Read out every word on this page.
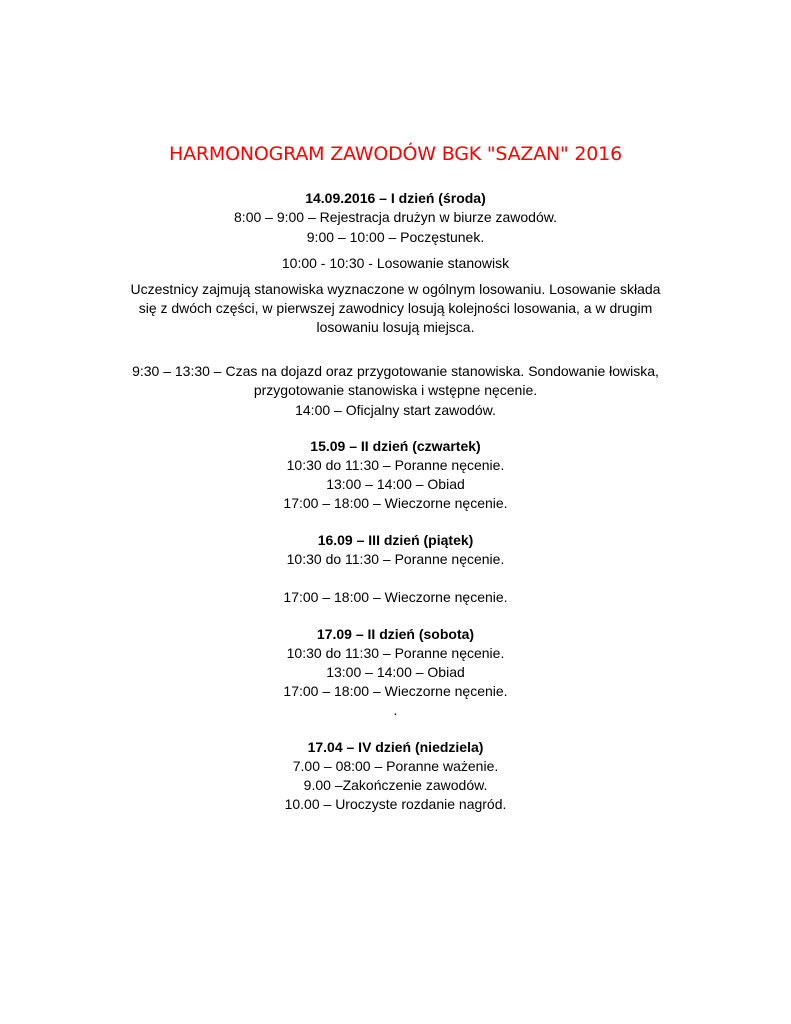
HARMONOGRAM ZAWODÓW BGK "SAZAN" 2016
14.09.2016 – I dzień (środa)
8:00 – 9:00 – Rejestracja drużyn w biurze zawodów.
9:00 – 10:00 – Poczęstunek.
10:00 - 10:30 - Losowanie stanowisk
Uczestnicy zajmują stanowiska wyznaczone w ogólnym losowaniu. Losowanie składa
się z dwóch części, w pierwszej zawodnicy losują kolejności losowania, a w drugim
losowaniu losują miejsca.
9:30 – 13:30 – Czas na dojazd oraz przygotowanie stanowiska. Sondowanie łowiska,
przygotowanie stanowiska i wstępne nęcenie.
14:00 – Oficjalny start zawodów.
15.09 – II dzień (czwartek)
10:30 do 11:30 – Poranne nęcenie.
13:00 – 14:00 – Obiad
17:00 – 18:00 – Wieczorne nęcenie.
16.09 – III dzień (piątek)
10:30 do 11:30 – Poranne nęcenie.
17:00 – 18:00 – Wieczorne nęcenie.
17.09 – II dzień (sobota)
10:30 do 11:30 – Poranne nęcenie.
13:00 – 14:00 – Obiad
17:00 – 18:00 – Wieczorne nęcenie.
.
17.04 – IV dzień (niedziela)
7.00 – 08:00 – Poranne ważenie.
9.00 –Zakończenie zawodów.
10.00 – Uroczyste rozdanie nagród.
